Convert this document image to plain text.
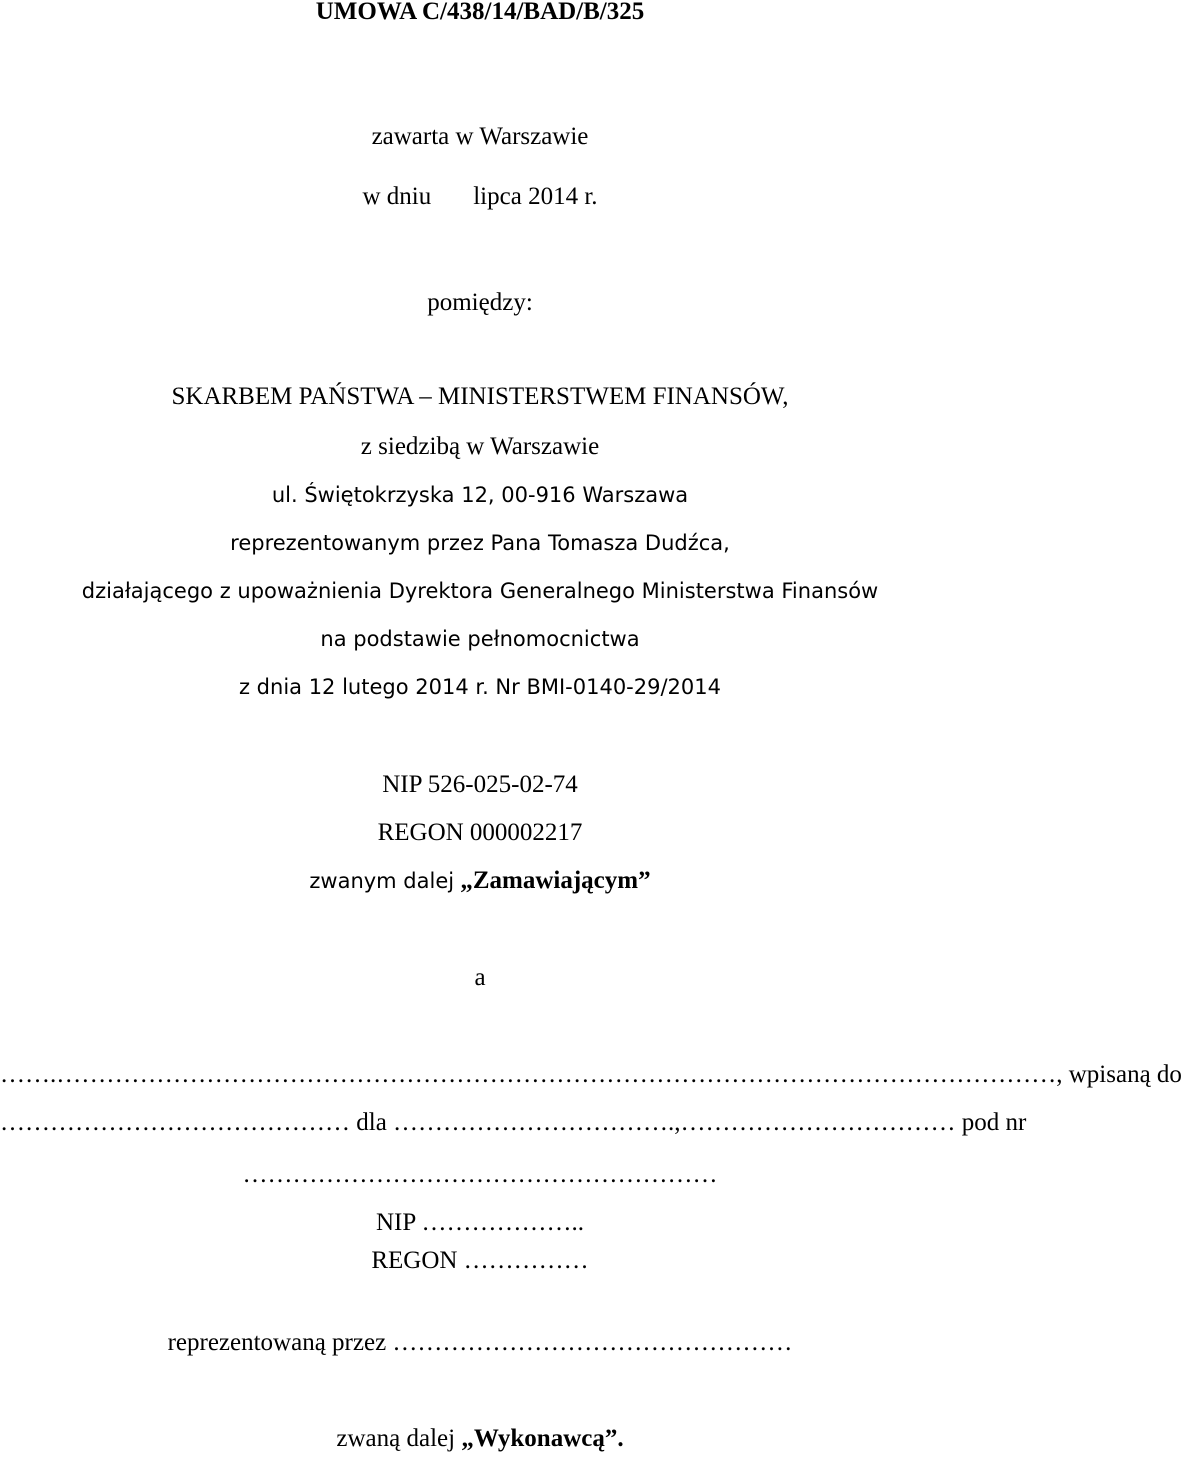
UMOWA C/438/14/BAD/B/325

zawarta w Warszawie

w dniu lipca 2014 r.

pomiędzy:

SKARBEM PAŃSTWA – MINISTERSTWEM FINANSÓW,

z siedzibą w Warszawie

ul. Świętokrzyska 12, 00-916 Warszawa

reprezentowanym przez Pana Tomasza Dudźca,

działającego z upoważnienia Dyrektora Generalnego Ministerstwa Finansów

na podstawie pełnomocnictwa

z dnia 12 lutego 2014 r. Nr BMI-0140-29/2014

NIP 526-025-02-74

REGON 000002217

zwanym dalej „Zamawiającym”

a

…….…………………………………………………………………………………………………………, wpisaną do

…………………………………… dla …………………………….,…………………………… pod nr

…………………………………………………

NIP ………………..

REGON ……………

reprezentowaną przez …………………………………………

zwaną dalej „Wykonawcą”.
